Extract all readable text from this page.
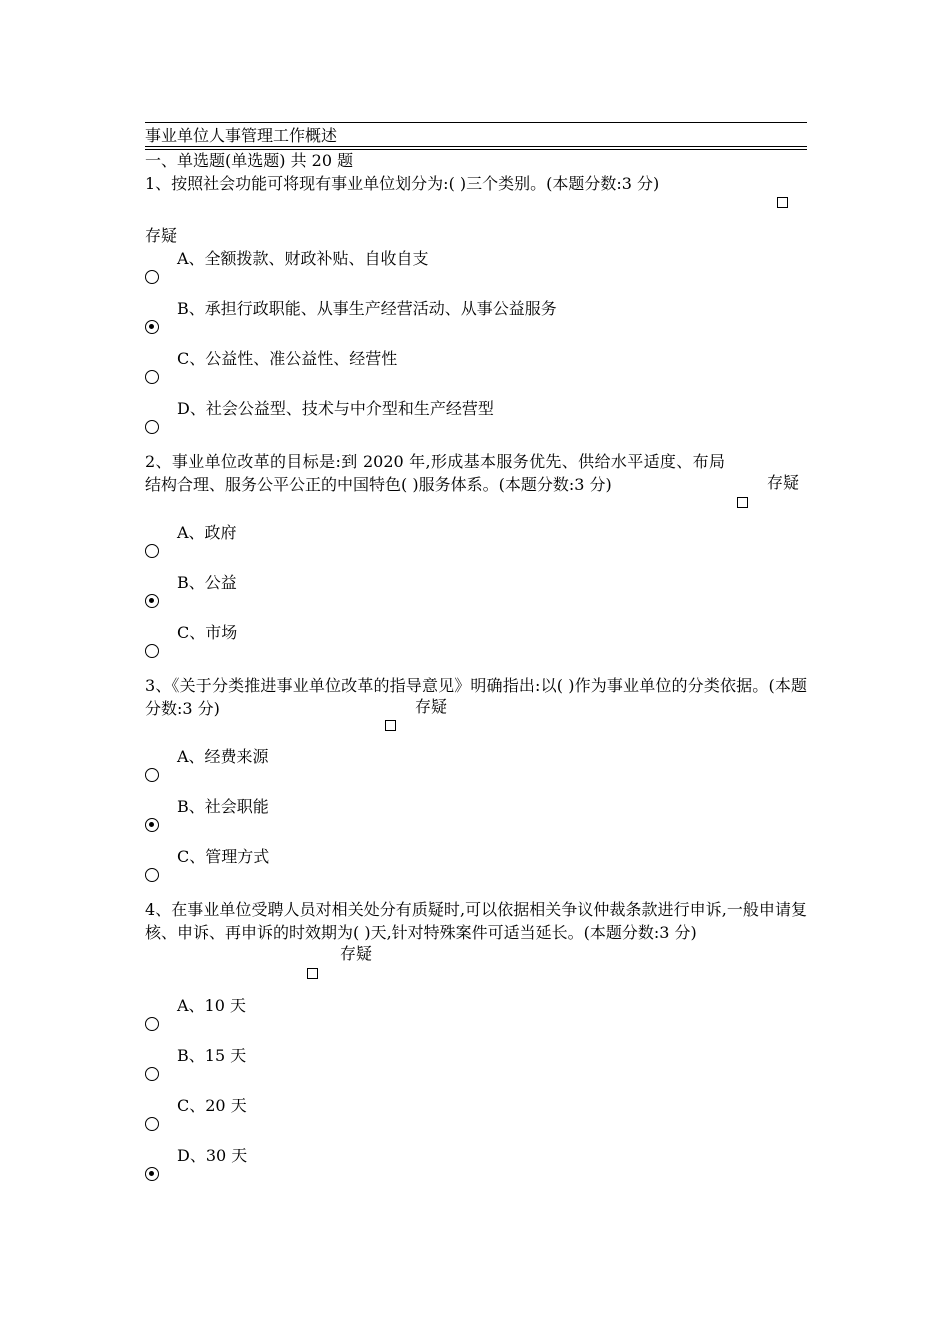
事业单位人事管理工作概述
一、单选题(单选题) 共 20 题
1、按照社会功能可将现有事业单位划分为:( )三个类别。(本题分数:3 分)
存疑
A、全额拨款、财政补贴、自收自支
B、承担行政职能、从事生产经营活动、从事公益服务
C、公益性、准公益性、经营性
D、社会公益型、技术与中介型和生产经营型
2、事业单位改革的目标是:到 2020 年,形成基本服务优先、供给水平适度、布局结构合理、服务公平公正的中国特色( )服务体系。(本题分数:3 分)	存疑
A、政府
B、公益
C、市场
3、《关于分类推进事业单位改革的指导意见》明确指出:以( )作为事业单位的分类依据。(本题分数:3 分)	存疑
A、经费来源
B、社会职能
C、管理方式
4、在事业单位受聘人员对相关处分有质疑时,可以依据相关争议仲裁条款进行申诉,一般申请复核、申诉、再申诉的时效期为( )天,针对特殊案件可适当延长。(本题分数:3 分)
存疑
A、10 天
B、15 天
C、20 天
D、30 天
